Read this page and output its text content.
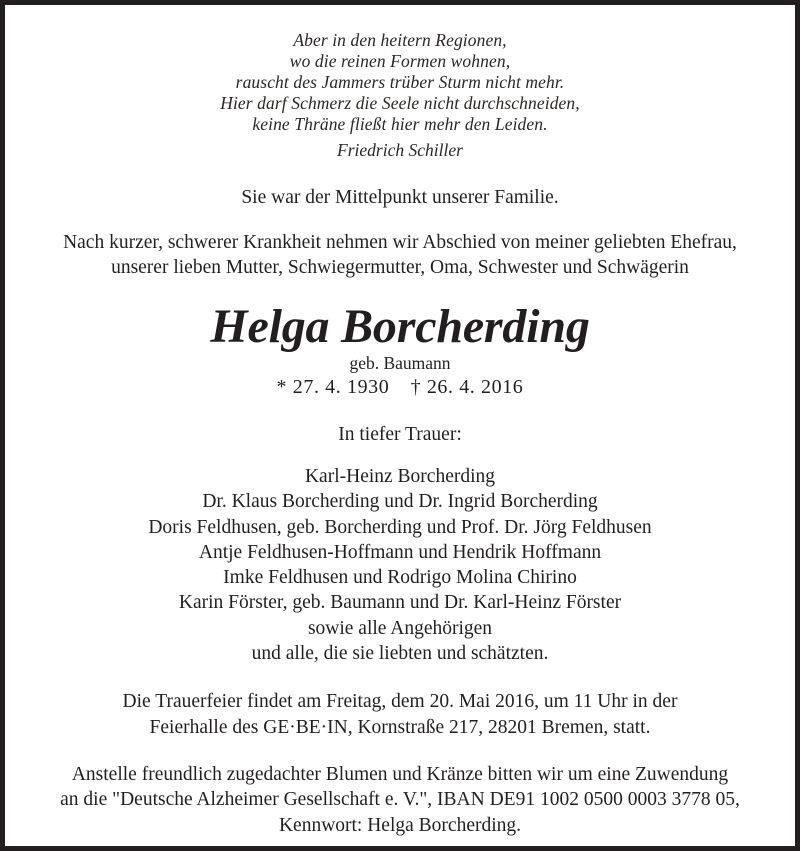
Aber in den heitern Regionen,
wo die reinen Formen wohnen,
rauscht des Jammers trüber Sturm nicht mehr.
Hier darf Schmerz die Seele nicht durchschneiden,
keine Thräne fließt hier mehr den Leiden.
Friedrich Schiller
Sie war der Mittelpunkt unserer Familie.
Nach kurzer, schwerer Krankheit nehmen wir Abschied von meiner geliebten Ehefrau,
unserer lieben Mutter, Schwiegermutter, Oma, Schwester und Schwägerin
Helga Borcherding
geb. Baumann
* 27. 4. 1930 † 26. 4. 2016
In tiefer Trauer:
Karl-Heinz Borcherding
Dr. Klaus Borcherding und Dr. Ingrid Borcherding
Doris Feldhusen, geb. Borcherding und Prof. Dr. Jörg Feldhusen
Antje Feldhusen-Hoffmann und Hendrik Hoffmann
Imke Feldhusen und Rodrigo Molina Chirino
Karin Förster, geb. Baumann und Dr. Karl-Heinz Förster
sowie alle Angehörigen
und alle, die sie liebten und schätzten.
Die Trauerfeier findet am Freitag, dem 20. Mai 2016, um 11 Uhr in der
Feierhalle des GE·BE·IN, Kornstraße 217, 28201 Bremen, statt.
Anstelle freundlich zugedachter Blumen und Kränze bitten wir um eine Zuwendung
an die "Deutsche Alzheimer Gesellschaft e. V.", IBAN DE91 1002 0500 0003 3778 05,
Kennwort: Helga Borcherding.
